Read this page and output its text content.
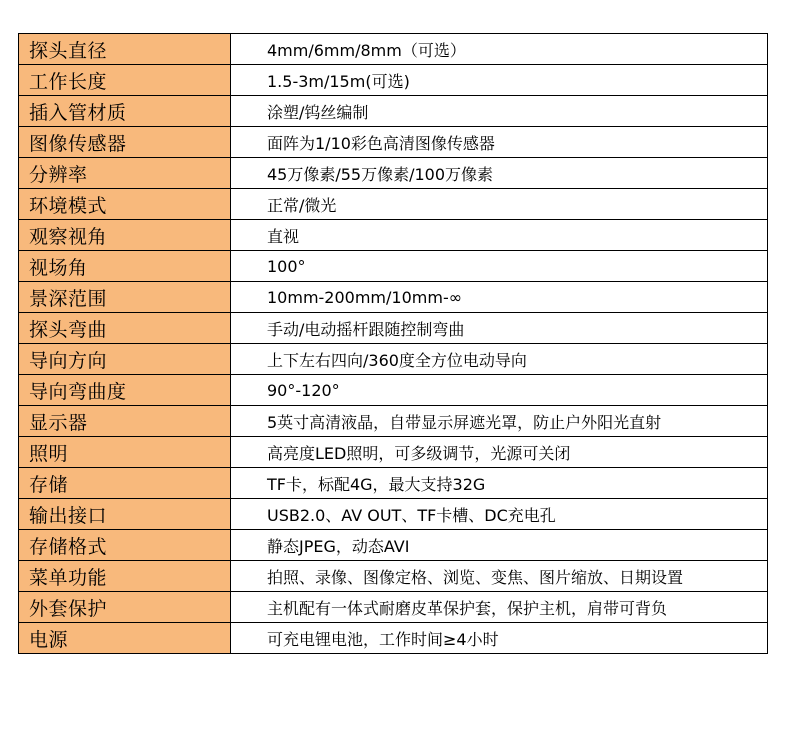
探头直径	4mm/6mm/8mm（可选）
工作长度	1.5-3m/15m(可选)
插入管材质	涂塑/钨丝编制
图像传感器	面阵为1/10彩色高清图像传感器
分辨率	45万像素/55万像素/100万像素
环境模式	正常/微光
观察视角	直视
视场角	100°
景深范围	10mm-200mm/10mm-∞
探头弯曲	手动/电动摇杆跟随控制弯曲
导向方向	上下左右四向/360度全方位电动导向
导向弯曲度	90°-120°
显示器	5英寸高清液晶，自带显示屏遮光罩，防止户外阳光直射
照明	高亮度LED照明，可多级调节，光源可关闭
存储	TF卡，标配4G，最大支持32G
输出接口	USB2.0、AV OUT、TF卡槽、DC充电孔
存储格式	静态JPEG，动态AVI
菜单功能	拍照、录像、图像定格、浏览、变焦、图片缩放、日期设置
外套保护	主机配有一体式耐磨皮革保护套，保护主机，肩带可背负
电源	可充电锂电池，工作时间≥4小时
